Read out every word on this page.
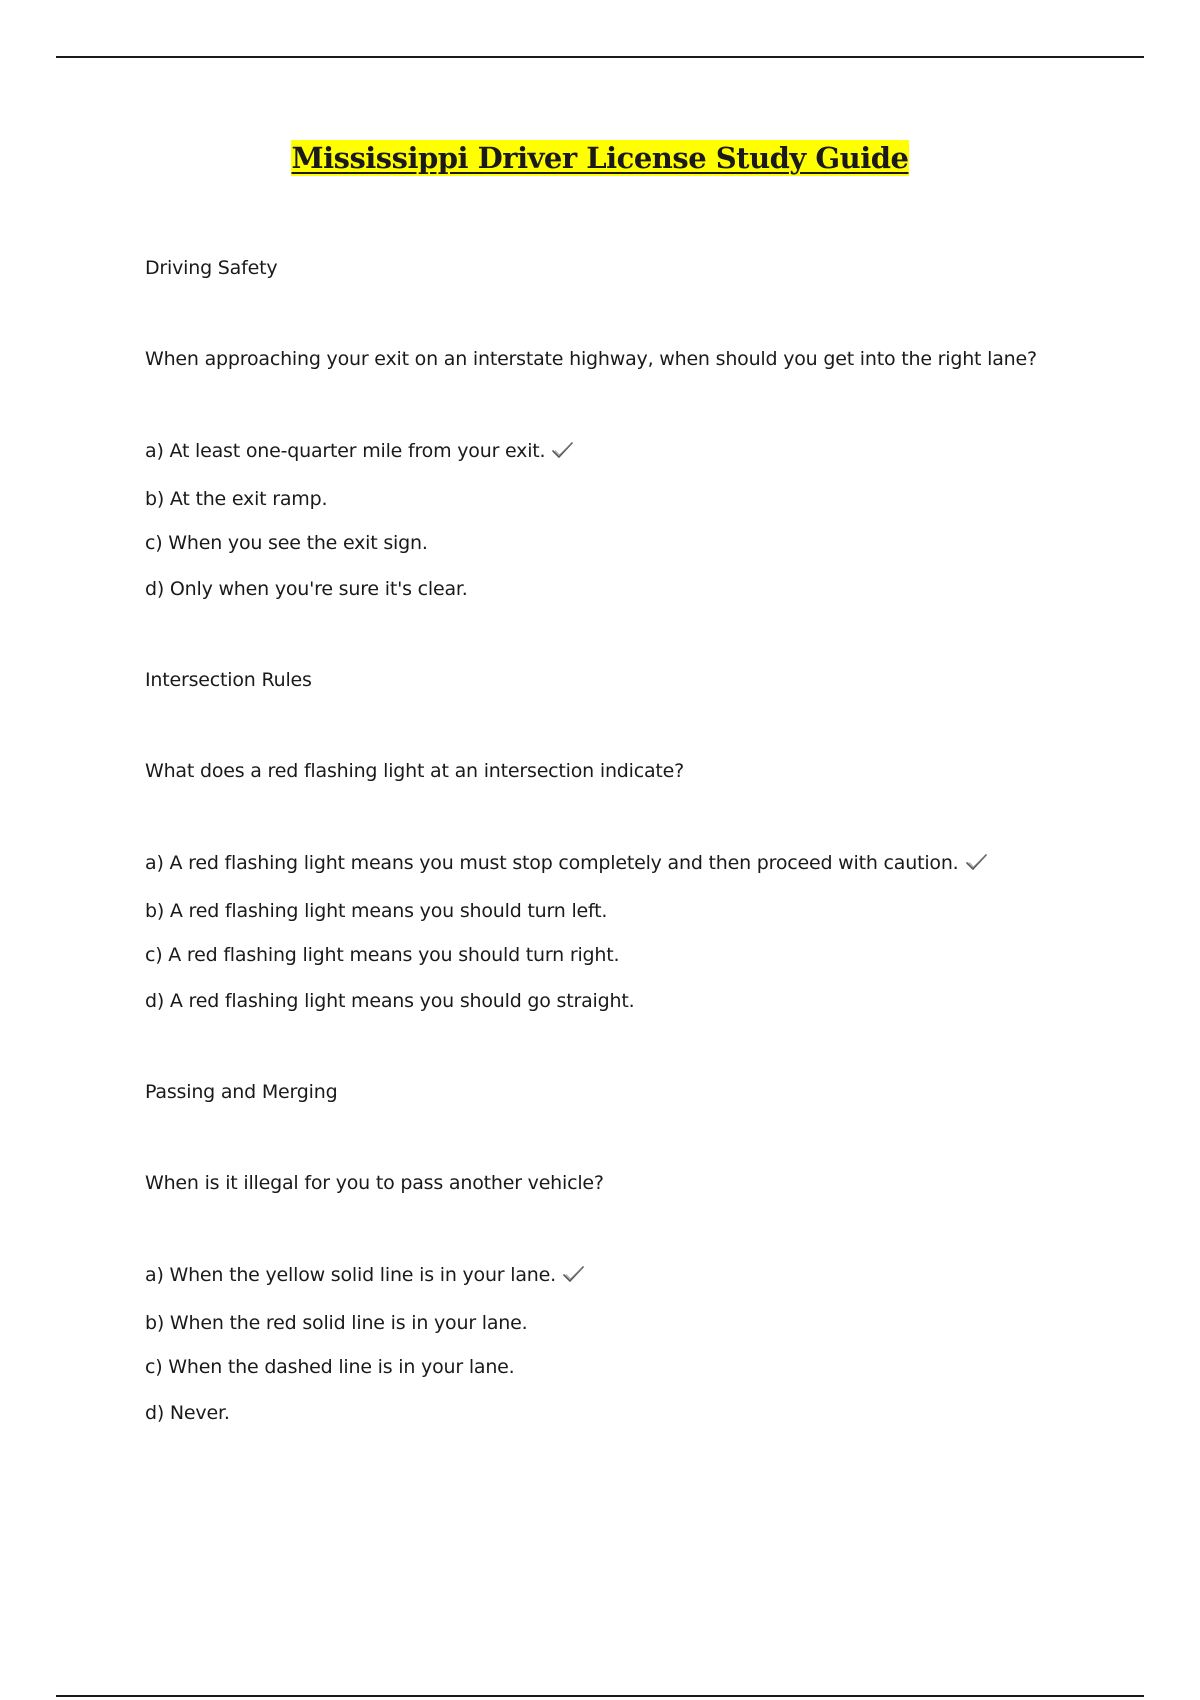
Mississippi Driver License Study Guide
Driving Safety
When approaching your exit on an interstate highway, when should you get into the right lane?
a) At least one-quarter mile from your exit.
b) At the exit ramp.
c) When you see the exit sign.
d) Only when you're sure it's clear.
Intersection Rules
What does a red flashing light at an intersection indicate?
a) A red flashing light means you must stop completely and then proceed with caution.
b) A red flashing light means you should turn left.
c) A red flashing light means you should turn right.
d) A red flashing light means you should go straight.
Passing and Merging
When is it illegal for you to pass another vehicle?
a) When the yellow solid line is in your lane.
b) When the red solid line is in your lane.
c) When the dashed line is in your lane.
d) Never.
